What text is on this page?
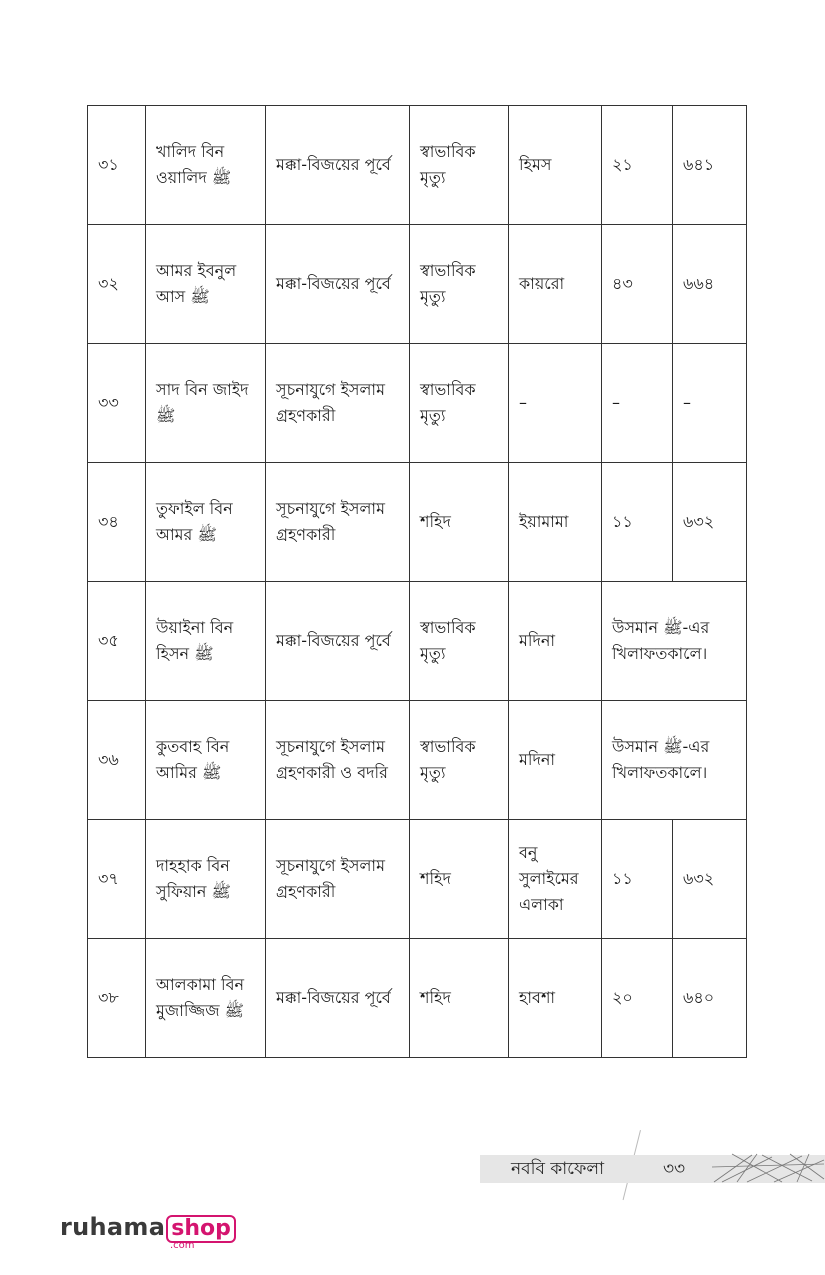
৩১	খালিদ বিন ওয়ালিদ ﷺ	মক্কা-বিজয়ের পূর্বে	স্বাভাবিক মৃত্যু	হিমস	২১	৬৪১
৩২	আমর ইবনুল আস ﷺ	মক্কা-বিজয়ের পূর্বে	স্বাভাবিক মৃত্যু	কায়রো	৪৩	৬৬৪
৩৩	সাদ বিন জাইদ ﷺ	সূচনাযুগে ইসলাম গ্রহণকারী	স্বাভাবিক মৃত্যু	–	–	–
৩৪	তুফাইল বিন আমর ﷺ	সূচনাযুগে ইসলাম গ্রহণকারী	শহিদ	ইয়ামামা	১১	৬৩২
৩৫	উয়াইনা বিন হিসন ﷺ	মক্কা-বিজয়ের পূর্বে	স্বাভাবিক মৃত্যু	মদিনা	উসমান ﷺ-এর খিলাফতকালে।	
৩৬	কুতবাহ বিন আমির ﷺ	সূচনাযুগে ইসলাম গ্রহণকারী ও বদরি	স্বাভাবিক মৃত্যু	মদিনা	উসমান ﷺ-এর খিলাফতকালে।	
৩৭	দাহহাক বিন সুফিয়ান ﷺ	সূচনাযুগে ইসলাম গ্রহণকারী	শহিদ	বনু সুলাইমের এলাকা	১১	৬৩২
৩৮	আলকামা বিন মুজাজ্জিজ ﷺ	মক্কা-বিজয়ের পূর্বে	শহিদ	হাবশা	২০	৬৪০
নববি কাফেলা	৩৩
ruhama shop
.com
